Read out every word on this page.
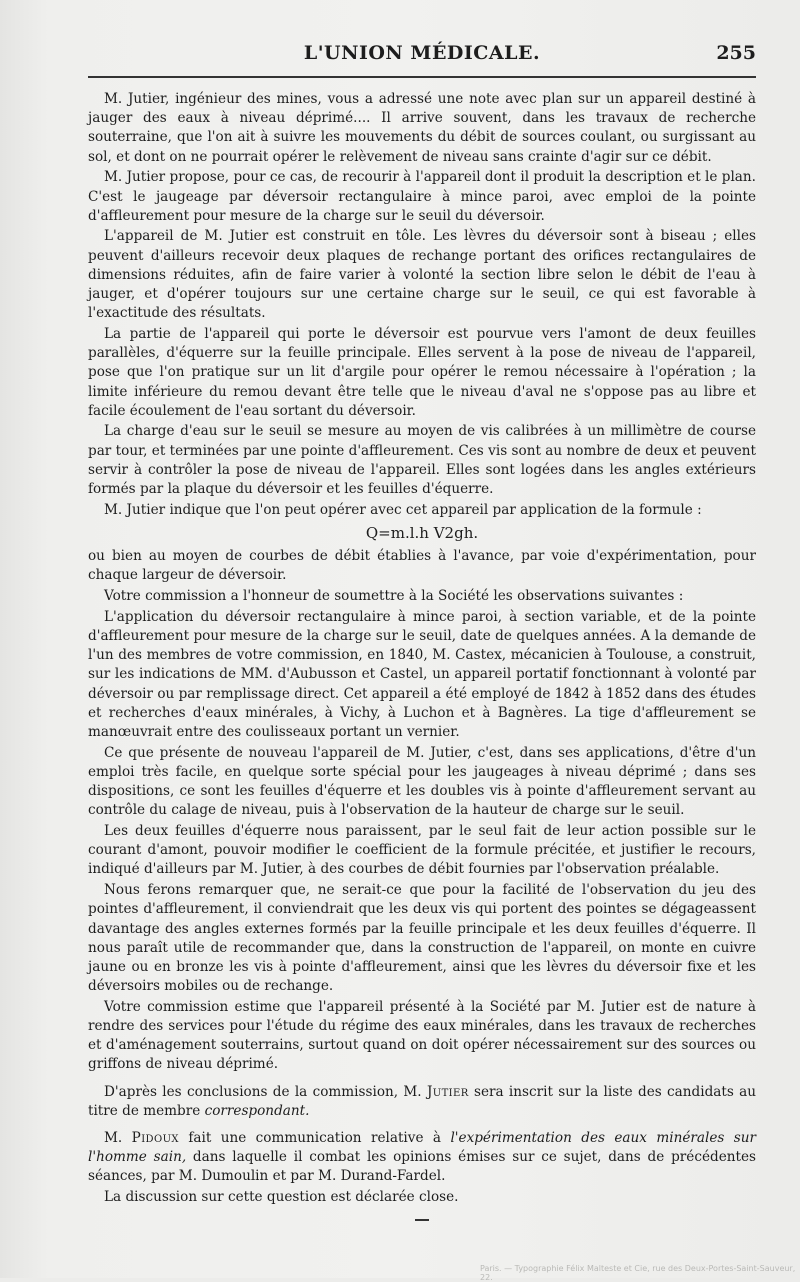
L'UNION MÉDICALE.	255

M. Jutier, ingénieur des mines, vous a adressé une note avec plan sur un appareil destiné à jauger des eaux à niveau déprimé.... Il arrive souvent, dans les travaux de recherche souterraine, que l'on ait à suivre les mouvements du débit de sources coulant, ou surgissant au sol, et dont on ne pourrait opérer le relèvement de niveau sans crainte d'agir sur ce débit.

M. Jutier propose, pour ce cas, de recourir à l'appareil dont il produit la description et le plan. C'est le jaugeage par déversoir rectangulaire à mince paroi, avec emploi de la pointe d'affleurement pour mesure de la charge sur le seuil du déversoir.

L'appareil de M. Jutier est construit en tôle. Les lèvres du déversoir sont à biseau ; elles peuvent d'ailleurs recevoir deux plaques de rechange portant des orifices rectangulaires de dimensions réduites, afin de faire varier à volonté la section libre selon le débit de l'eau à jauger, et d'opérer toujours sur une certaine charge sur le seuil, ce qui est favorable à l'exactitude des résultats.

La partie de l'appareil qui porte le déversoir est pourvue vers l'amont de deux feuilles parallèles, d'équerre sur la feuille principale. Elles servent à la pose de niveau de l'appareil, pose que l'on pratique sur un lit d'argile pour opérer le remou nécessaire à l'opération ; la limite inférieure du remou devant être telle que le niveau d'aval ne s'oppose pas au libre et facile écoulement de l'eau sortant du déversoir.

La charge d'eau sur le seuil se mesure au moyen de vis calibrées à un millimètre de course par tour, et terminées par une pointe d'affleurement. Ces vis sont au nombre de deux et peuvent servir à contrôler la pose de niveau de l'appareil. Elles sont logées dans les angles extérieurs formés par la plaque du déversoir et les feuilles d'équerre.

M. Jutier indique que l'on peut opérer avec cet appareil par application de la formule :

Q=m.l.h V2gh.

ou bien au moyen de courbes de débit établies à l'avance, par voie d'expérimentation, pour chaque largeur de déversoir.

Votre commission a l'honneur de soumettre à la Société les observations suivantes :

L'application du déversoir rectangulaire à mince paroi, à section variable, et de la pointe d'affleurement pour mesure de la charge sur le seuil, date de quelques années. A la demande de l'un des membres de votre commission, en 1840, M. Castex, mécanicien à Toulouse, a construit, sur les indications de MM. d'Aubusson et Castel, un appareil portatif fonctionnant à volonté par déversoir ou par remplissage direct. Cet appareil a été employé de 1842 à 1852 dans des études et recherches d'eaux minérales, à Vichy, à Luchon et à Bagnères. La tige d'affleurement se manœuvrait entre des coulisseaux portant un vernier.

Ce que présente de nouveau l'appareil de M. Jutier, c'est, dans ses applications, d'être d'un emploi très facile, en quelque sorte spécial pour les jaugeages à niveau déprimé ; dans ses dispositions, ce sont les feuilles d'équerre et les doubles vis à pointe d'affleurement servant au contrôle du calage de niveau, puis à l'observation de la hauteur de charge sur le seuil.

Les deux feuilles d'équerre nous paraissent, par le seul fait de leur action possible sur le courant d'amont, pouvoir modifier le coefficient de la formule précitée, et justifier le recours, indiqué d'ailleurs par M. Jutier, à des courbes de débit fournies par l'observation préalable.

Nous ferons remarquer que, ne serait-ce que pour la facilité de l'observation du jeu des pointes d'affleurement, il conviendrait que les deux vis qui portent des pointes se dégageassent davantage des angles externes formés par la feuille principale et les deux feuilles d'équerre. Il nous paraît utile de recommander que, dans la construction de l'appareil, on monte en cuivre jaune ou en bronze les vis à pointe d'affleurement, ainsi que les lèvres du déversoir fixe et les déversoirs mobiles ou de rechange.

Votre commission estime que l'appareil présenté à la Société par M. Jutier est de nature à rendre des services pour l'étude du régime des eaux minérales, dans les travaux de recherches et d'aménagement souterrains, surtout quand on doit opérer nécessairement sur des sources ou griffons de niveau déprimé.

D'après les conclusions de la commission, M. Jutier sera inscrit sur la liste des candidats au titre de membre correspondant.

M. Pidoux fait une communication relative à l'expérimentation des eaux minérales sur l'homme sain, dans laquelle il combat les opinions émises sur ce sujet, dans de précédentes séances, par M. Dumoulin et par M. Durand-Fardel.

La discussion sur cette question est déclarée close.

Paris. — Typographie Félix Malteste et Cie, rue des Deux-Portes-Saint-Sauveur, 22.
